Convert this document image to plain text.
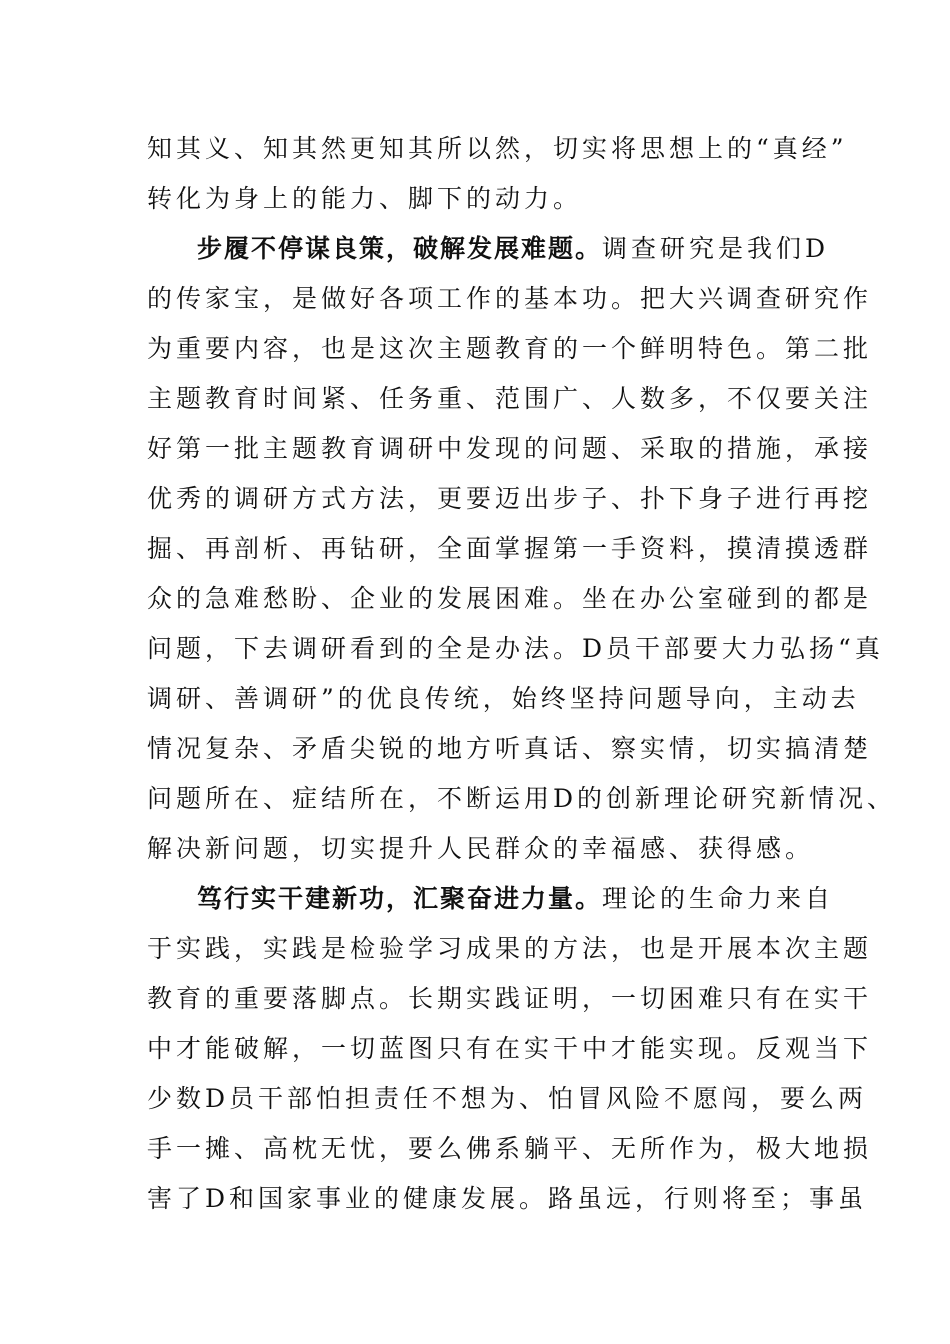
知其义、知其然更知其所以然，切实将思想上的“真经”
转化为身上的能力、脚下的动力。
步履不停谋良策，破解发展难题。调查研究是我们D
的传家宝，是做好各项工作的基本功。把大兴调查研究作
为重要内容，也是这次主题教育的一个鲜明特色。第二批
主题教育时间紧、任务重、范围广、人数多，不仅要关注
好第一批主题教育调研中发现的问题、采取的措施，承接
优秀的调研方式方法，更要迈出步子、扑下身子进行再挖
掘、再剖析、再钻研，全面掌握第一手资料，摸清摸透群
众的急难愁盼、企业的发展困难。坐在办公室碰到的都是
问题，下去调研看到的全是办法。D员干部要大力弘扬“真
调研、善调研”的优良传统，始终坚持问题导向，主动去
情况复杂、矛盾尖锐的地方听真话、察实情，切实搞清楚
问题所在、症结所在，不断运用D的创新理论研究新情况、
解决新问题，切实提升人民群众的幸福感、获得感。
笃行实干建新功，汇聚奋进力量。理论的生命力来自
于实践，实践是检验学习成果的方法，也是开展本次主题
教育的重要落脚点。长期实践证明，一切困难只有在实干
中才能破解，一切蓝图只有在实干中才能实现。反观当下
少数D员干部怕担责任不想为、怕冒风险不愿闯，要么两
手一摊、高枕无忧，要么佛系躺平、无所作为，极大地损
害了D和国家事业的健康发展。路虽远，行则将至；事虽
